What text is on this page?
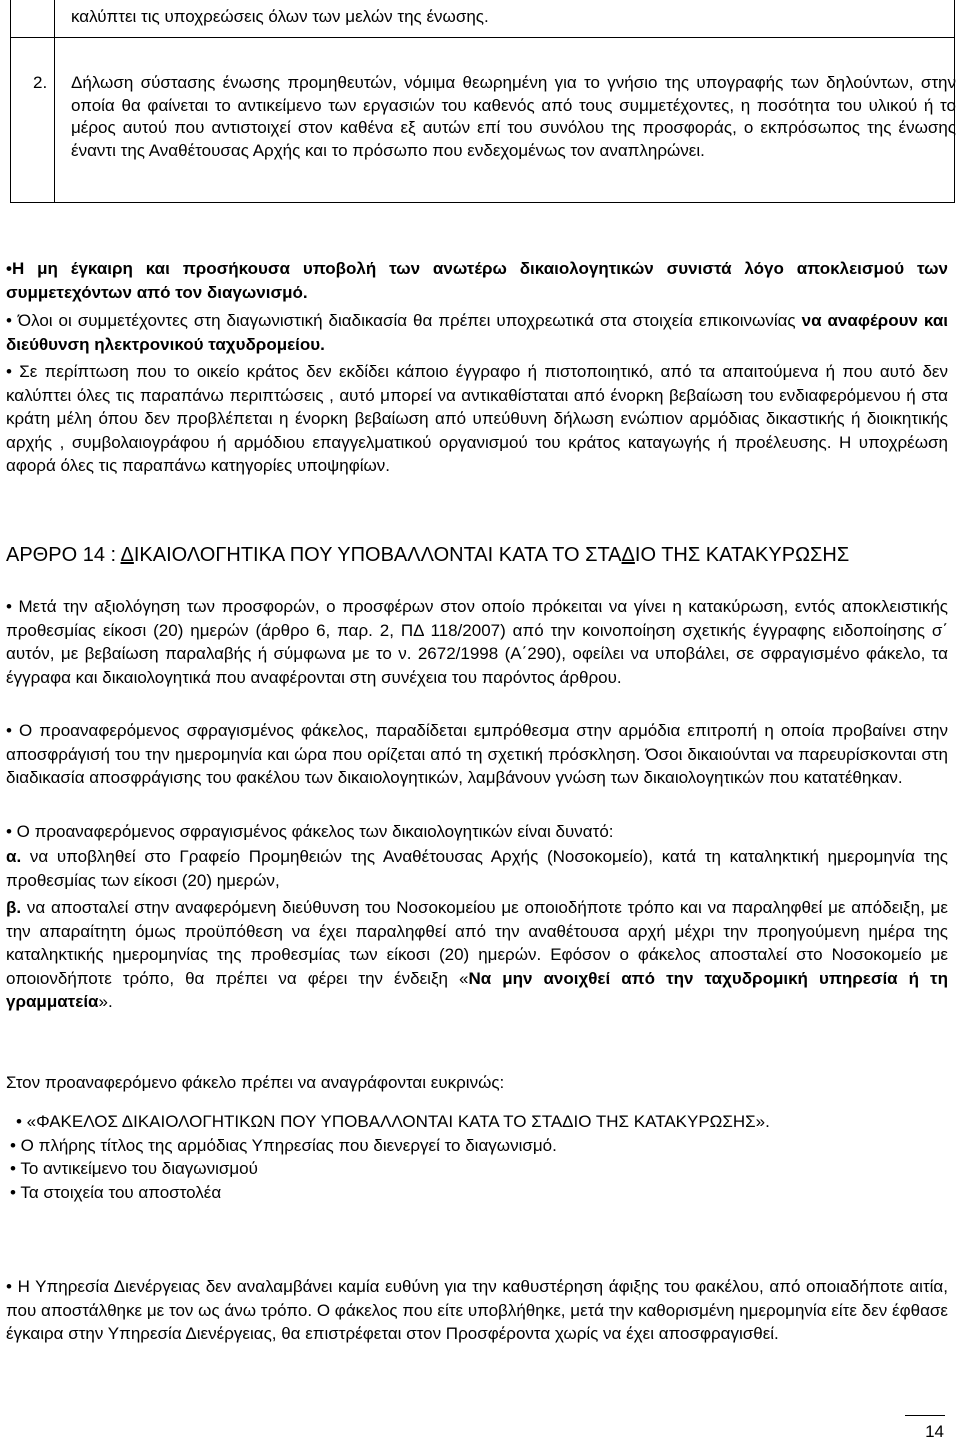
καλύπτει τις υποχρεώσεις όλων των μελών της ένωσης.
2. Δήλωση σύστασης ένωσης προμηθευτών, νόμιμα θεωρημένη για το γνήσιο της υπογραφής των δηλούντων, στην οποία θα φαίνεται το αντικείμενο των εργασιών του καθενός από τους συμμετέχοντες, η ποσότητα του υλικού ή το μέρος αυτού που αντιστοιχεί στον καθένα εξ αυτών επί του συνόλου της προσφοράς, ο εκπρόσωπος της ένωσης έναντι της Αναθέτουσας Αρχής και το πρόσωπο που ενδεχομένως τον αναπληρώνει.
•Η μη έγκαιρη και προσήκουσα υποβολή των ανωτέρω δικαιολογητικών συνιστά λόγο αποκλεισμού των συμμετεχόντων από τον διαγωνισμό.
• Όλοι οι συμμετέχοντες στη διαγωνιστική διαδικασία θα πρέπει υποχρεωτικά στα στοιχεία επικοινωνίας να αναφέρουν και διεύθυνση ηλεκτρονικού ταχυδρομείου.
• Σε περίπτωση που το οικείο κράτος δεν εκδίδει κάποιο έγγραφο ή πιστοποιητικό, από τα απαιτούμενα ή που αυτό δεν καλύπτει όλες τις παραπάνω περιπτώσεις , αυτό μπορεί να αντικαθίσταται από ένορκη βεβαίωση του ενδιαφερόμενου ή στα κράτη μέλη όπου δεν προβλέπεται η ένορκη βεβαίωση από υπεύθυνη δήλωση ενώπιον αρμόδιας δικαστικής ή διοικητικής αρχής , συμβολαιογράφου ή αρμόδιου επαγγελματικού οργανισμού του κράτος καταγωγής ή προέλευσης. Η υποχρέωση αφορά όλες τις παραπάνω κατηγορίες υποψηφίων.
ΑΡΘΡΟ 14 : ΔΙΚΑΙΟΛΟΓΗΤΙΚΑ ΠΟΥ ΥΠΟΒΑΛΛΟΝΤΑΙ ΚΑΤΑ ΤΟ ΣΤΑΔΙΟ ΤΗΣ ΚΑΤΑΚΥΡΩΣΗΣ
• Μετά την αξιολόγηση των προσφορών, ο προσφέρων στον οποίο πρόκειται να γίνει η κατακύρωση, εντός αποκλειστικής προθεσμίας είκοσι (20) ημερών (άρθρο 6, παρ. 2, ΠΔ 118/2007) από την κοινοποίηση σχετικής έγγραφης ειδοποίησης σ΄ αυτόν, με βεβαίωση παραλαβής ή σύμφωνα με το ν. 2672/1998 (Α΄290), οφείλει να υποβάλει, σε σφραγισμένο φάκελο, τα έγγραφα και δικαιολογητικά που αναφέρονται στη συνέχεια του παρόντος άρθρου.
• Ο προαναφερόμενος σφραγισμένος φάκελος, παραδίδεται εμπρόθεσμα στην αρμόδια επιτροπή η οποία προβαίνει στην αποσφράγισή του την ημερομηνία και ώρα που ορίζεται από τη σχετική πρόσκληση. Όσοι δικαιούνται να παρευρίσκονται στη διαδικασία αποσφράγισης του φακέλου των δικαιολογητικών, λαμβάνουν γνώση των δικαιολογητικών που κατατέθηκαν.
• Ο προαναφερόμενος σφραγισμένος φάκελος των δικαιολογητικών είναι δυνατό:
α. να υποβληθεί στο Γραφείο Προμηθειών της Αναθέτουσας Αρχής (Νοσοκομείο), κατά τη καταληκτική ημερομηνία της προθεσμίας των είκοσι (20) ημερών,
β. να αποσταλεί στην αναφερόμενη διεύθυνση του Νοσοκομείου με οποιοδήποτε τρόπο και να παραληφθεί με απόδειξη, με την απαραίτητη όμως προϋπόθεση να έχει παραληφθεί από την αναθέτουσα αρχή μέχρι την προηγούμενη ημέρα της καταληκτικής ημερομηνίας της προθεσμίας των είκοσι (20) ημερών. Εφόσον ο φάκελος αποσταλεί στο Νοσοκομείο με οποιονδήποτε τρόπο, θα πρέπει να φέρει την ένδειξη «Να μην ανοιχθεί από την ταχυδρομική υπηρεσία ή τη γραμματεία».
Στον προαναφερόμενο φάκελο πρέπει να αναγράφονται ευκρινώς:
• «ΦΑΚΕΛΟΣ ΔΙΚΑΙΟΛΟΓΗΤΙΚΩΝ ΠΟΥ ΥΠΟΒΑΛΛΟΝΤΑΙ ΚΑΤΑ ΤΟ ΣΤΑΔΙΟ ΤΗΣ ΚΑΤΑΚΥΡΩΣΗΣ».
• Ο πλήρης τίτλος της αρμόδιας Υπηρεσίας που διενεργεί το διαγωνισμό.
• Το αντικείμενο του διαγωνισμού
• Τα στοιχεία του αποστολέα
• Η Υπηρεσία Διενέργειας δεν αναλαμβάνει καμία ευθύνη για την καθυστέρηση άφιξης του φακέλου, από οποιαδήποτε αιτία, που αποστάλθηκε με τον ως άνω τρόπο. Ο φάκελος που είτε υποβλήθηκε, μετά την καθορισμένη ημερομηνία είτε δεν έφθασε έγκαιρα στην Υπηρεσία Διενέργειας, θα επιστρέφεται στον Προσφέροντα χωρίς να έχει αποσφραγισθεί.
14
